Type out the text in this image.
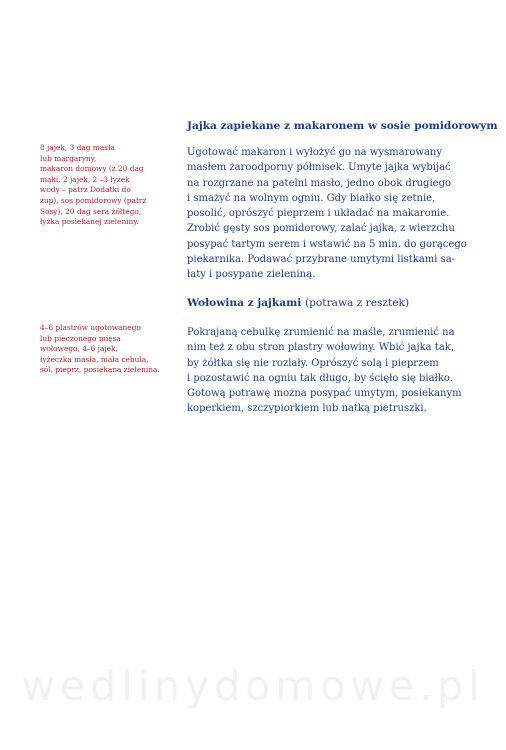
Jajka zapiekane z makaronem w sosie pomidorowym

8 jajek, 3 dag masła

lub margaryny,

makaron domowy (z 20 dag

mąki, 2 jajek, 2 –3 łyżek

wody – patrz Dodatki do

zup), sos pomidorowy (patrz

Sosy), 20 dag sera żółtego,

łyżka posiekanej zieleniny.

Ugotować makaron i wyłożyć go na wysmarowany

masłem żaroodporny półmisek. Umyte jajka wybijać

na rozgrzane na patelni masło, jedno obok drugiego

i smażyć na wolnym ogniu. Gdy białko się zetnie,

posolić, oprószyć pieprzem i układać na makaronie.

Zrobić gęsty sos pomidorowy, zalać jajka, z wierzchu

posypać tartym serem i wstawić na 5 min. do gorącego

piekarnika. Podawać przybrane umytymi listkami sa-

łaty i posypane zieleniną.

Wołowina z jajkami (potrawa z resztek)

4–6 plastrów ugotowanego

lub pieczonego mięsa

wołowego, 4–6 jajek,

łyżeczka masła, mała cebula,

sól, pieprz, posiekana zielenina.

Pokrajaną cebulkę zrumienić na maśle, zrumienić na

nim też z obu stron plastry wołowiny. Wbić jajka tak,

by żółtka się nie rozlały. Oprószyć solą i pieprzem

i pozostawić na ogniu tak długo, by ścięło się białko.

Gotową potrawę można posypać umytym, posiekanym

koperkiem, szczypiorkiem lub natką pietruszki.

wedlinydomowe.pl
